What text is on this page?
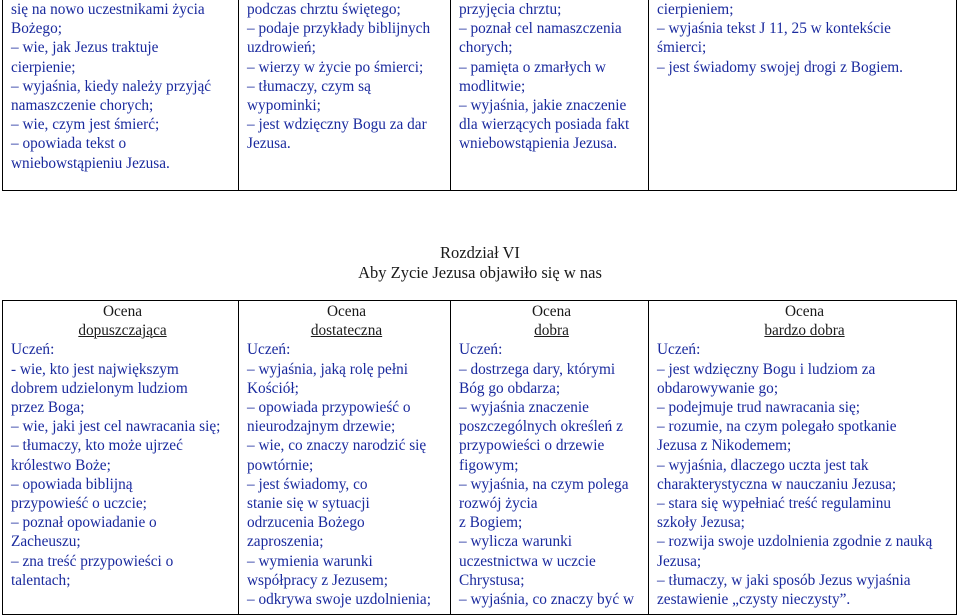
się na nowo uczestnikami życia
Bożego;
– wie, jak Jezus traktuje
cierpienie;
– wyjaśnia, kiedy należy przyjąć
namaszczenie chorych;
– wie, czym jest śmierć;
– opowiada tekst o
wniebowstąpieniu Jezusa.

podczas chrztu świętego;
– podaje przykłady biblijnych
uzdrowień;
– wierzy w życie po śmierci;
– tłumaczy, czym są
wypominki;
– jest wdzięczny Bogu za dar
Jezusa.

przyjęcia chrztu;
– poznał cel namaszczenia
chorych;
– pamięta o zmarłych w
modlitwie;
– wyjaśnia, jakie znaczenie
dla wierzących posiada fakt
wniebowstąpienia Jezusa.

cierpieniem;
– wyjaśnia tekst J 11, 25 w kontekście
śmierci;
– jest świadomy swojej drogi z Bogiem.
Rozdział VI
Aby Zycie Jezusa objawiło się w nas
Ocena
dopuszczająca
Uczeń:
- wie, kto jest największym
dobrem udzielonym ludziom
przez Boga;
– wie, jaki jest cel nawracania się;
– tłumaczy, kto może ujrzeć
królestwo Boże;
– opowiada biblijną
przypowieść o uczcie;
– poznał opowiadanie o
Zacheuszu;
– zna treść przypowieści o
talentach;

Ocena
dostateczna
Uczeń:
– wyjaśnia, jaką rolę pełni
Kościół;
– opowiada przypowieść o
nieurodzajnym drzewie;
– wie, co znaczy narodzić się
powtórnie;
– jest świadomy, co
stanie się w sytuacji
odrzucenia Bożego
zaproszenia;
– wymienia warunki
współpracy z Jezusem;
– odkrywa swoje uzdolnienia;

Ocena
dobra
Uczeń:
– dostrzega dary, którymi
Bóg go obdarza;
– wyjaśnia znaczenie
poszczególnych określeń z
przypowieści o drzewie
figowym;
– wyjaśnia, na czym polega
rozwój życia
z Bogiem;
– wylicza warunki
uczestnictwa w uczcie
Chrystusa;
– wyjaśnia, co znaczy być w

Ocena
bardzo dobra
Uczeń:
– jest wdzięczny Bogu i ludziom za
obdarowywanie go;
– podejmuje trud nawracania się;
– rozumie, na czym polegało spotkanie
Jezusa z Nikodemem;
– wyjaśnia, dlaczego uczta jest tak
charakterystyczna w nauczaniu Jezusa;
– stara się wypełniać treść regulaminu
szkoły Jezusa;
– rozwija swoje uzdolnienia zgodnie z nauką
Jezusa;
– tłumaczy, w jaki sposób Jezus wyjaśnia
zestawienie „czysty nieczysty”.
